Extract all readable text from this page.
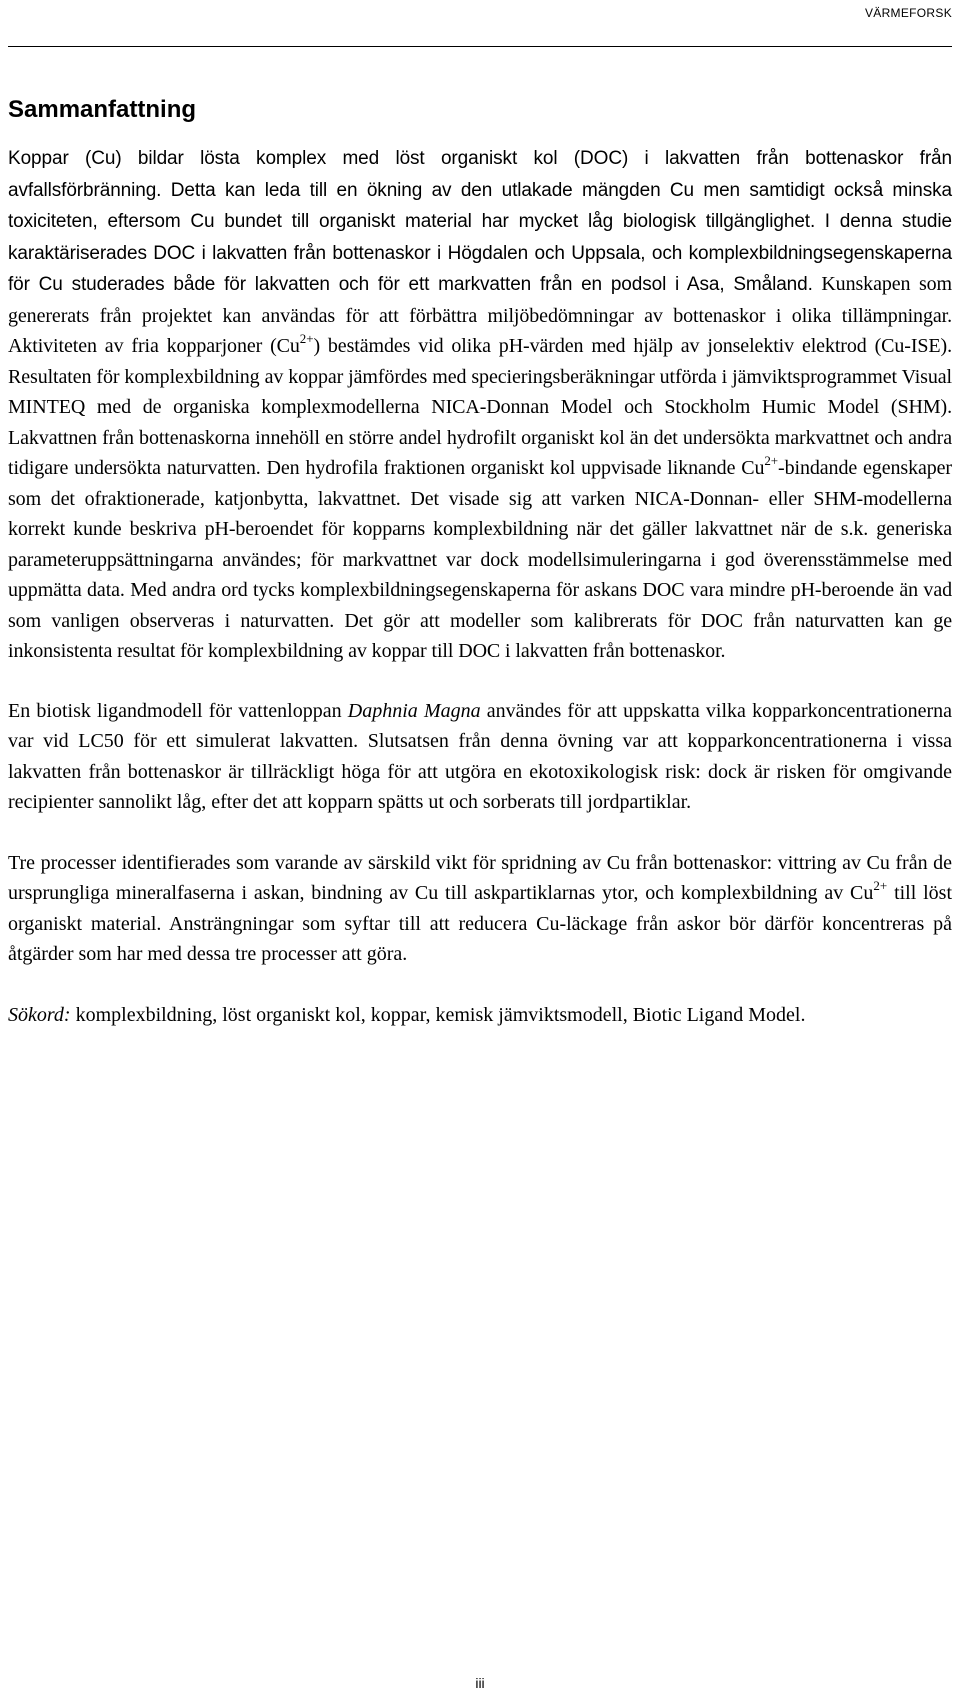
VÄRMEFORSK
Sammanfattning

Koppar (Cu) bildar lösta komplex med löst organiskt kol (DOC) i lakvatten från bottenaskor från avfallsförbränning. Detta kan leda till en ökning av den utlakade mängden Cu men samtidigt också minska toxiciteten, eftersom Cu bundet till organiskt material har mycket låg biologisk tillgänglighet. I denna studie karaktäriserades DOC i lakvatten från bottenaskor i Högdalen och Uppsala, och komplexbildningsegenskaperna för Cu studerades både för lakvatten och för ett markvatten från en podsol i Asa, Småland. Kunskapen som genererats från projektet kan användas för att förbättra miljöbedömningar av bottenaskor i olika tillämpningar. Aktiviteten av fria kopparjoner $(Cu^{2+})$ bestämdes vid olika pH-värden med hjälp av jonselektiv elektrod (Cu-ISE). Resultaten för komplexbildning av koppar jämfördes med specieringsberäkningar utförda i jämviktsprogrammet Visual MINTEQ med de organiska komplexmodellerna NICA-Donnan Model och Stockholm Humic Model (SHM). Lakvattnen från bottenaskorna innehöll en större andel hydrofilt organiskt kol än det undersökta markvattnet och andra tidigare undersökta naturvatten. Den hydrofila fraktionen organiskt kol uppvisade liknande $Cu^{2+}$-bindande egenskaper som det ofraktionerade, katjonbytta, lakvattnet. Det visade sig att varken NICA-Donnan- eller SHM-modellerna korrekt kunde beskriva pH-beroendet för kopparns komplexbildning när det gäller lakvattnet när de s.k. generiska parameteruppsättningarna användes; för markvattnet var dock modellsimuleringarna i god överensstämmelse med uppmätta data. Med andra ord tycks komplexbildningsegenskaperna för askans DOC vara mindre pH-beroende än vad som vanligen observeras i naturvatten. Det gör att modeller som kalibrerats för DOC från naturvatten kan ge inkonsistenta resultat för komplexbildning av koppar till DOC i lakvatten från bottenaskor.

En biotisk ligandmodell för vattenloppan Daphnia Magna användes för att uppskatta vilka kopparkoncentrationerna var vid LC50 för ett simulerat lakvatten. Slutsatsen från denna övning var att kopparkoncentrationerna i vissa lakvatten från bottenaskor är tillräckligt höga för att utgöra en ekotoxikologisk risk: dock är risken för omgivande recipienter sannolikt låg, efter det att kopparn spätts ut och sorberats till jordpartiklar.

Tre processer identifierades som varande av särskild vikt för spridning av Cu från bottenaskor: vittring av Cu från de ursprungliga mineralfaserna i askan, bindning av Cu till askpartiklarnas ytor, och komplexbildning av $Cu^{2+}$ till löst organiskt material. Ansträngningar som syftar till att reducera Cu-läckage från askor bör därför koncentreras på åtgärder som har med dessa tre processer att göra.

Sökord: komplexbildning, löst organiskt kol, koppar, kemisk jämviktsmodell, Biotic Ligand Model.

iii
